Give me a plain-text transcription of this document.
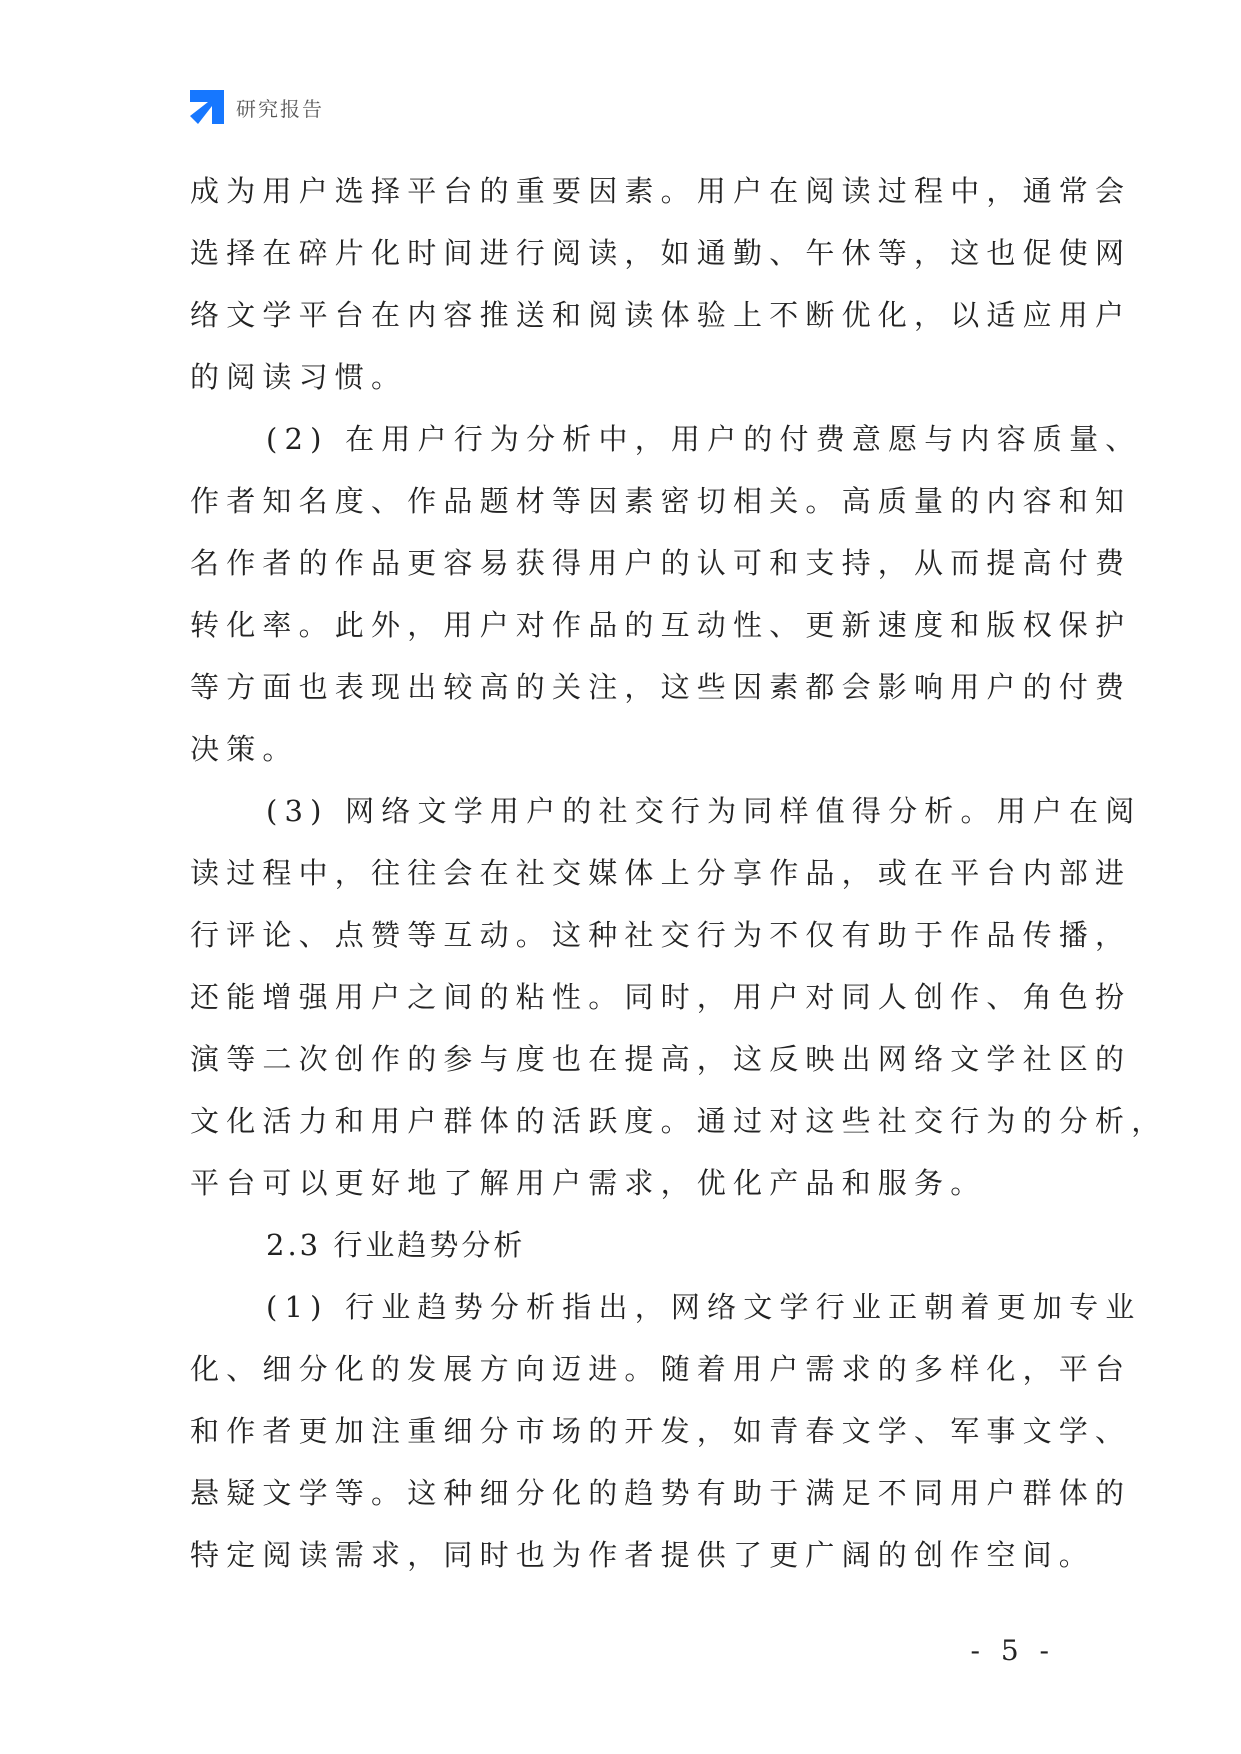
研究报告
成为用户选择平台的重要因素。用户在阅读过程中，通常会
选择在碎片化时间进行阅读，如通勤、午休等，这也促使网
络文学平台在内容推送和阅读体验上不断优化，以适应用户
的阅读习惯。
(2) 在用户行为分析中，用户的付费意愿与内容质量、
作者知名度、作品题材等因素密切相关。高质量的内容和知
名作者的作品更容易获得用户的认可和支持，从而提高付费
转化率。此外，用户对作品的互动性、更新速度和版权保护
等方面也表现出较高的关注，这些因素都会影响用户的付费
决策。
(3) 网络文学用户的社交行为同样值得分析。用户在阅
读过程中，往往会在社交媒体上分享作品，或在平台内部进
行评论、点赞等互动。这种社交行为不仅有助于作品传播，
还能增强用户之间的粘性。同时，用户对同人创作、角色扮
演等二次创作的参与度也在提高，这反映出网络文学社区的
文化活力和用户群体的活跃度。通过对这些社交行为的分析，
平台可以更好地了解用户需求，优化产品和服务。
2.3 行业趋势分析
(1) 行业趋势分析指出，网络文学行业正朝着更加专业
化、细分化的发展方向迈进。随着用户需求的多样化，平台
和作者更加注重细分市场的开发，如青春文学、军事文学、
悬疑文学等。这种细分化的趋势有助于满足不同用户群体的
特定阅读需求，同时也为作者提供了更广阔的创作空间。
- 5 -
